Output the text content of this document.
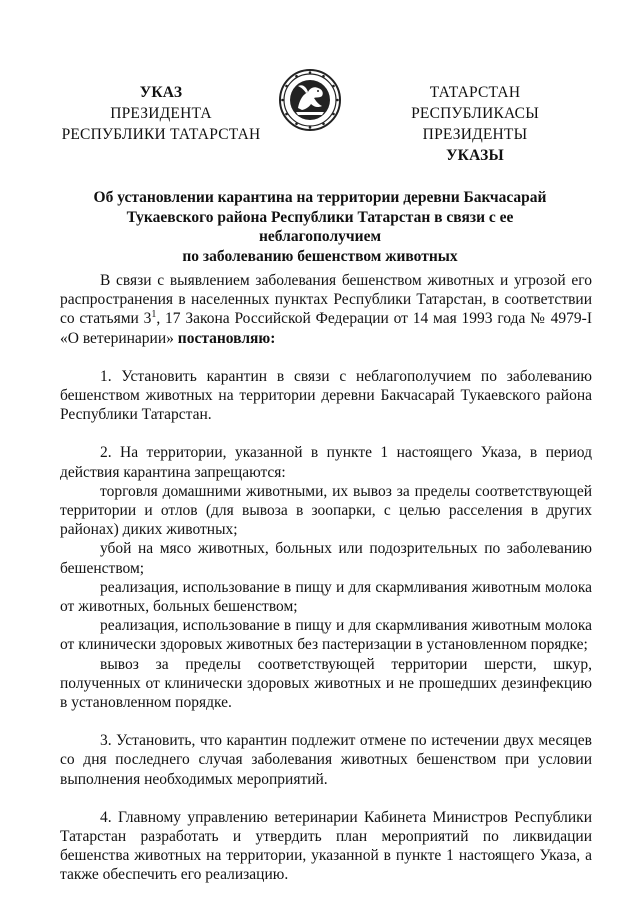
УКАЗ
ПРЕЗИДЕНТА
РЕСПУБЛИКИ ТАТАРСТАН
ТАТАРСТАН РЕСПУБЛИКАСЫ
ПРЕЗИДЕНТЫ
УКАЗЫ
Об установлении карантина на территории деревни Бакчасарай
Тукаевского района Республики Татарстан в связи с ее неблагополучием
по заболеванию бешенством животных

В связи с выявлением заболевания бешенством животных и угрозой его распространения в населенных пунктах Республики Татарстан, в соответствии со статьями $3^1$, 17 Закона Российской Федерации от 14 мая 1993 года № 4979-I «О ветеринарии» постановляю:

1. Установить карантин в связи с неблагополучием по заболеванию бешенством животных на территории деревни Бакчасарай Тукаевского района Республики Татарстан.

2. На территории, указанной в пункте 1 настоящего Указа, в период действия карантина запрещаются:

торговля домашними животными, их вывоз за пределы соответствующей территории и отлов (для вывоза в зоопарки, с целью расселения в других районах) диких животных;

убой на мясо животных, больных или подозрительных по заболеванию бешенством;

реализация, использование в пищу и для скармливания животным молока от животных, больных бешенством;

реализация, использование в пищу и для скармливания животным молока от клинически здоровых животных без пастеризации в установленном порядке;

вывоз за пределы соответствующей территории шерсти, шкур, полученных от клинически здоровых животных и не прошедших дезинфекцию в установленном порядке.

3. Установить, что карантин подлежит отмене по истечении двух месяцев со дня последнего случая заболевания животных бешенством при условии выполнения необходимых мероприятий.

4. Главному управлению ветеринарии Кабинета Министров Республики Татарстан разработать и утвердить план мероприятий по ликвидации бешенства животных на территории, указанной в пункте 1 настоящего Указа, а также обеспечить его реализацию.
